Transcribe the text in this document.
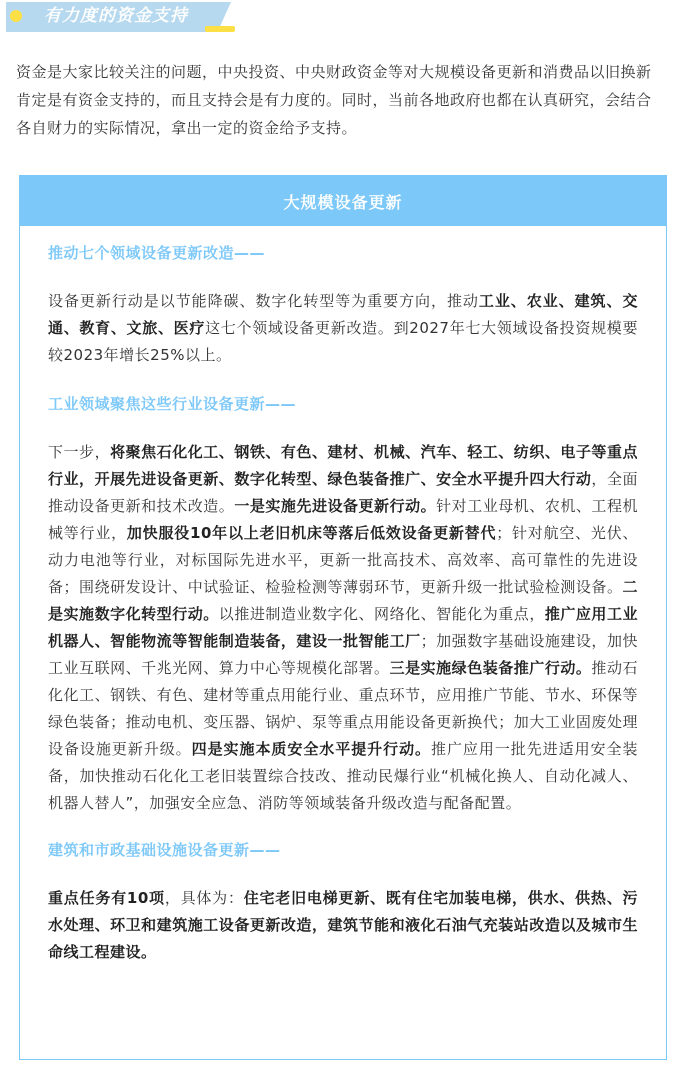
有力度的资金支持

资金是大家比较关注的问题，中央投资、中央财政资金等对大规模设备更新和消费品以旧换新肯定是有资金支持的，而且支持会是有力度的。同时，当前各地政府也都在认真研究，会结合各自财力的实际情况，拿出一定的资金给予支持。

大规模设备更新
推动七个领域设备更新改造——

设备更新行动是以节能降碳、数字化转型等为重要方向，推动工业、农业、建筑、交通、教育、文旅、医疗这七个领域设备更新改造。到2027年七大领域设备投资规模要较2023年增长25%以上。

工业领域聚焦这些行业设备更新——

下一步，将聚焦石化化工、钢铁、有色、建材、机械、汽车、轻工、纺织、电子等重点行业，开展先进设备更新、数字化转型、绿色装备推广、安全水平提升四大行动，全面推动设备更新和技术改造。一是实施先进设备更新行动。针对工业母机、农机、工程机械等行业，加快服役10年以上老旧机床等落后低效设备更新替代；针对航空、光伏、动力电池等行业，对标国际先进水平，更新一批高技术、高效率、高可靠性的先进设备；围绕研发设计、中试验证、检验检测等薄弱环节，更新升级一批试验检测设备。二是实施数字化转型行动。以推进制造业数字化、网络化、智能化为重点，推广应用工业机器人、智能物流等智能制造装备，建设一批智能工厂；加强数字基础设施建设，加快工业互联网、千兆光网、算力中心等规模化部署。三是实施绿色装备推广行动。推动石化化工、钢铁、有色、建材等重点用能行业、重点环节，应用推广节能、节水、环保等绿色装备；推动电机、变压器、锅炉、泵等重点用能设备更新换代；加大工业固废处理设备设施更新升级。四是实施本质安全水平提升行动。推广应用一批先进适用安全装备，加快推动石化化工老旧装置综合技改、推动民爆行业“机械化换人、自动化减人、机器人替人”，加强安全应急、消防等领域装备升级改造与配备配置。

建筑和市政基础设施设备更新——

重点任务有10项，具体为：住宅老旧电梯更新、既有住宅加装电梯，供水、供热、污水处理、环卫和建筑施工设备更新改造，建筑节能和液化石油气充装站改造以及城市生命线工程建设。
